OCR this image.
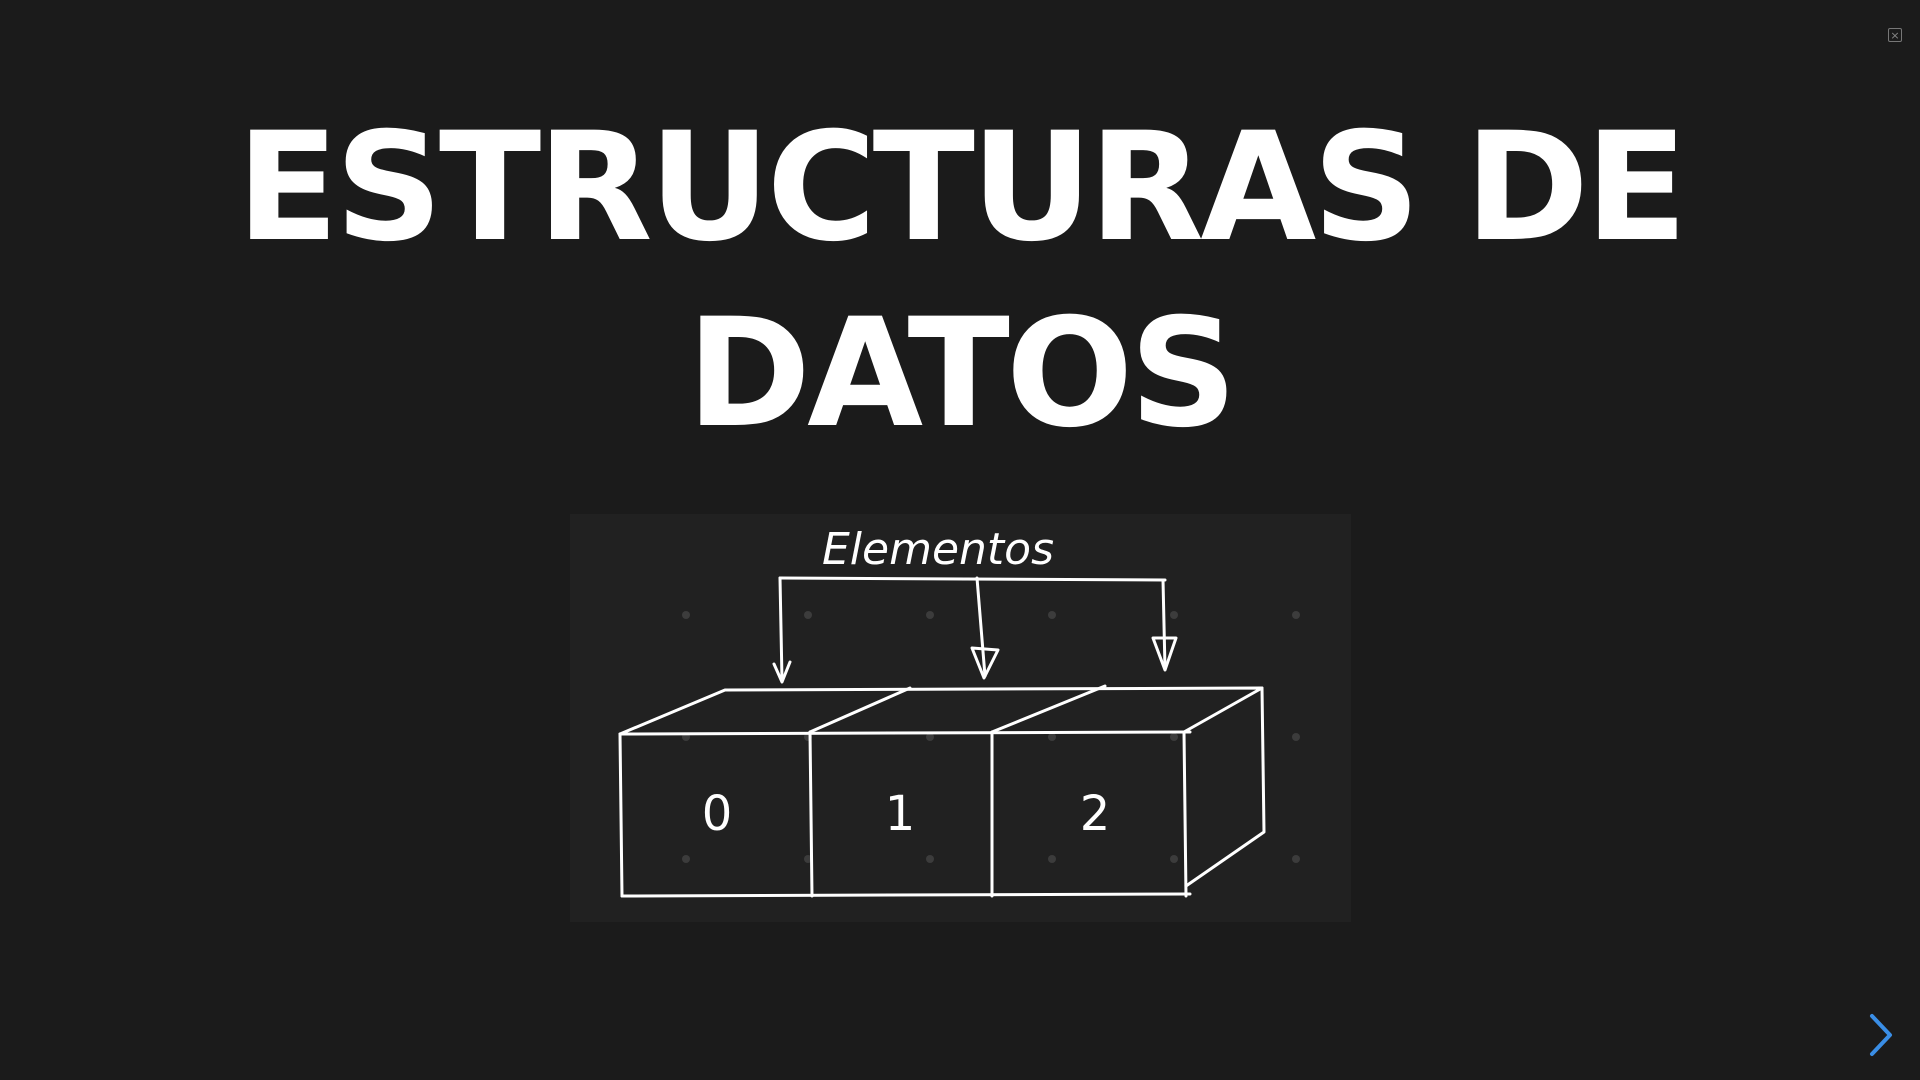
×
ESTRUCTURAS DE
DATOS
Elementos
0	1	2
